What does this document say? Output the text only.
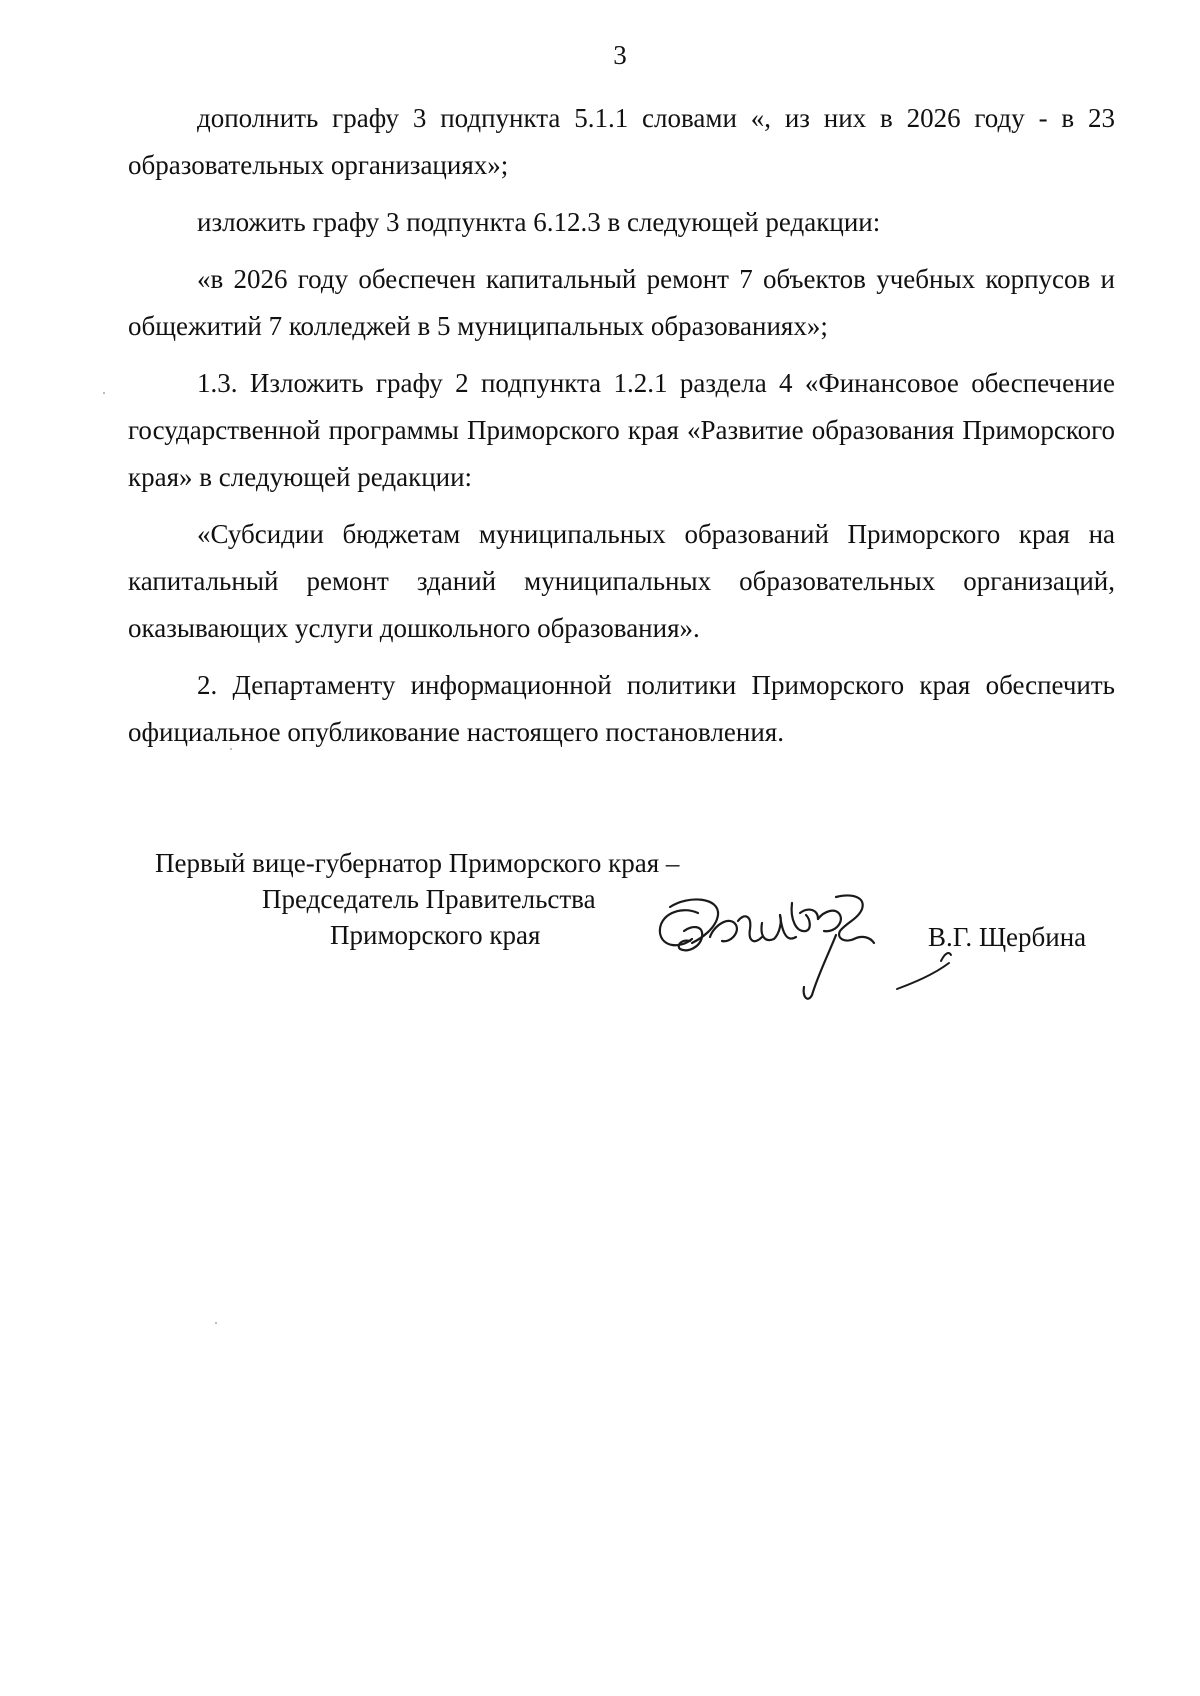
3

дополнить графу 3 подпункта 5.1.1 словами «, из них в 2026 году - в 23 образовательных организациях»;

изложить графу 3 подпункта 6.12.3 в следующей редакции:

«в 2026 году обеспечен капитальный ремонт 7 объектов учебных корпусов и общежитий 7 колледжей в 5 муниципальных образованиях»;

1.3. Изложить графу 2 подпункта 1.2.1 раздела 4 «Финансовое обеспечение государственной программы Приморского края «Развитие образования Приморского края» в следующей редакции:

«Субсидии бюджетам муниципальных образований Приморского края на капитальный ремонт зданий муниципальных образовательных организаций, оказывающих услуги дошкольного образования».

2. Департаменту информационной политики Приморского края обеспечить официальное опубликование настоящего постановления.

Первый вице-губернатор Приморского края –
Председатель Правительства
Приморского края	В.Г. Щербина
